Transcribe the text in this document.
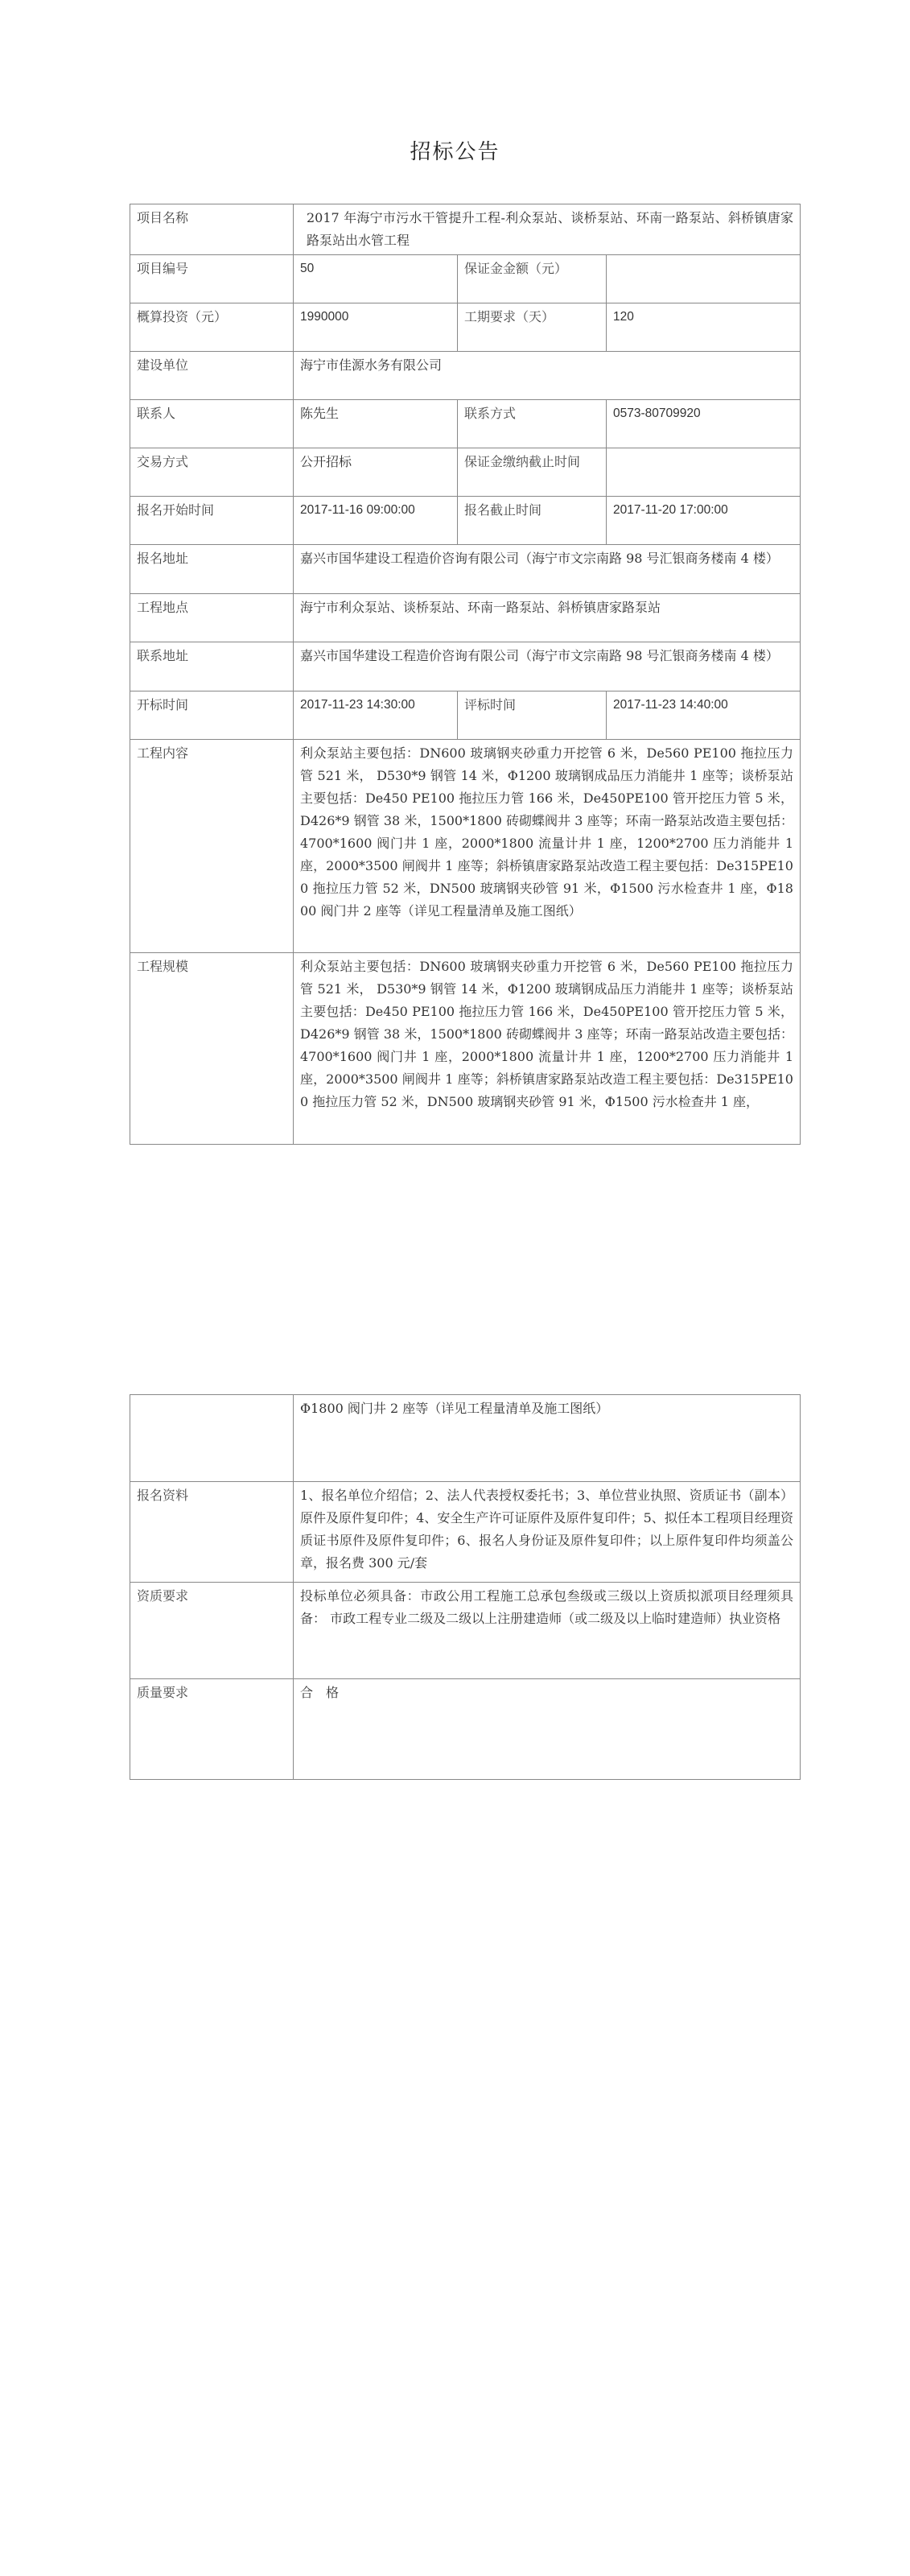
招标公告
项目名称	2017 年海宁市污水干管提升工程-利众泵站、谈桥泵站、环南一路泵站、斜桥镇唐家路泵站出水管工程		
项目编号	50	保证金金额（元）	
概算投资（元）	1990000	工期要求（天）	120
建设单位	海宁市佳源水务有限公司		
联系人	陈先生	联系方式	0573-80709920
交易方式	公开招标	保证金缴纳截止时间	
报名开始时间	2017-11-16 09:00:00	报名截止时间	2017-11-20 17:00:00
报名地址	嘉兴市国华建设工程造价咨询有限公司（海宁市文宗南路 98 号汇银商务楼南 4 楼）		
工程地点	海宁市利众泵站、谈桥泵站、环南一路泵站、斜桥镇唐家路泵站		
联系地址	嘉兴市国华建设工程造价咨询有限公司（海宁市文宗南路 98 号汇银商务楼南 4 楼）		
开标时间	2017-11-23 14:30:00	评标时间	2017-11-23 14:40:00
工程内容	利众泵站主要包括：DN600 玻璃钢夹砂重力开挖管 6 米，De560 PE100 拖拉压力管 521 米， D530*9 钢管 14 米，Φ1200 玻璃钢成品压力消能井 1 座等；谈桥泵站主要包括：De450 PE100 拖拉压力管 166 米，De450PE100 管开挖压力管 5 米，D426*9 钢管 38 米，1500*1800 砖砌蝶阀井 3 座等；环南一路泵站改造主要包括：4700*1600 阀门井 1 座，2000*1800 流量计井 1 座，1200*2700 压力消能井 1 座，2000*3500 闸阀井 1 座等；斜桥镇唐家路泵站改造工程主要包括：De315PE100 拖拉压力管 52 米，DN500 玻璃钢夹砂管 91 米，Φ1500 污水检查井 1 座，Φ1800 阀门井 2 座等（详见工程量清单及施工图纸）		
工程规模	利众泵站主要包括：DN600 玻璃钢夹砂重力开挖管 6 米，De560 PE100 拖拉压力管 521 米， D530*9 钢管 14 米，Φ1200 玻璃钢成品压力消能井 1 座等；谈桥泵站主要包括：De450 PE100 拖拉压力管 166 米，De450PE100 管开挖压力管 5 米，D426*9 钢管 38 米，1500*1800 砖砌蝶阀井 3 座等；环南一路泵站改造主要包括：4700*1600 阀门井 1 座，2000*1800 流量计井 1 座，1200*2700 压力消能井 1 座，2000*3500 闸阀井 1 座等；斜桥镇唐家路泵站改造工程主要包括：De315PE100 拖拉压力管 52 米，DN500 玻璃钢夹砂管 91 米，Φ1500 污水检查井 1 座，		
	Φ1800 阀门井 2 座等（详见工程量清单及施工图纸）
报名资料	1、报名单位介绍信；2、法人代表授权委托书；3、单位营业执照、资质证书（副本）原件及原件复印件；4、安全生产许可证原件及原件复印件；5、拟任本工程项目经理资质证书原件及原件复印件；6、报名人身份证及原件复印件；以上原件复印件均须盖公章，报名费 300 元/套
资质要求	投标单位必须具备：市政公用工程施工总承包叁级或三级以上资质拟派项目经理须具备： 市政工程专业二级及二级以上注册建造师（或二级及以上临时建造师）执业资格
质量要求	合　格
